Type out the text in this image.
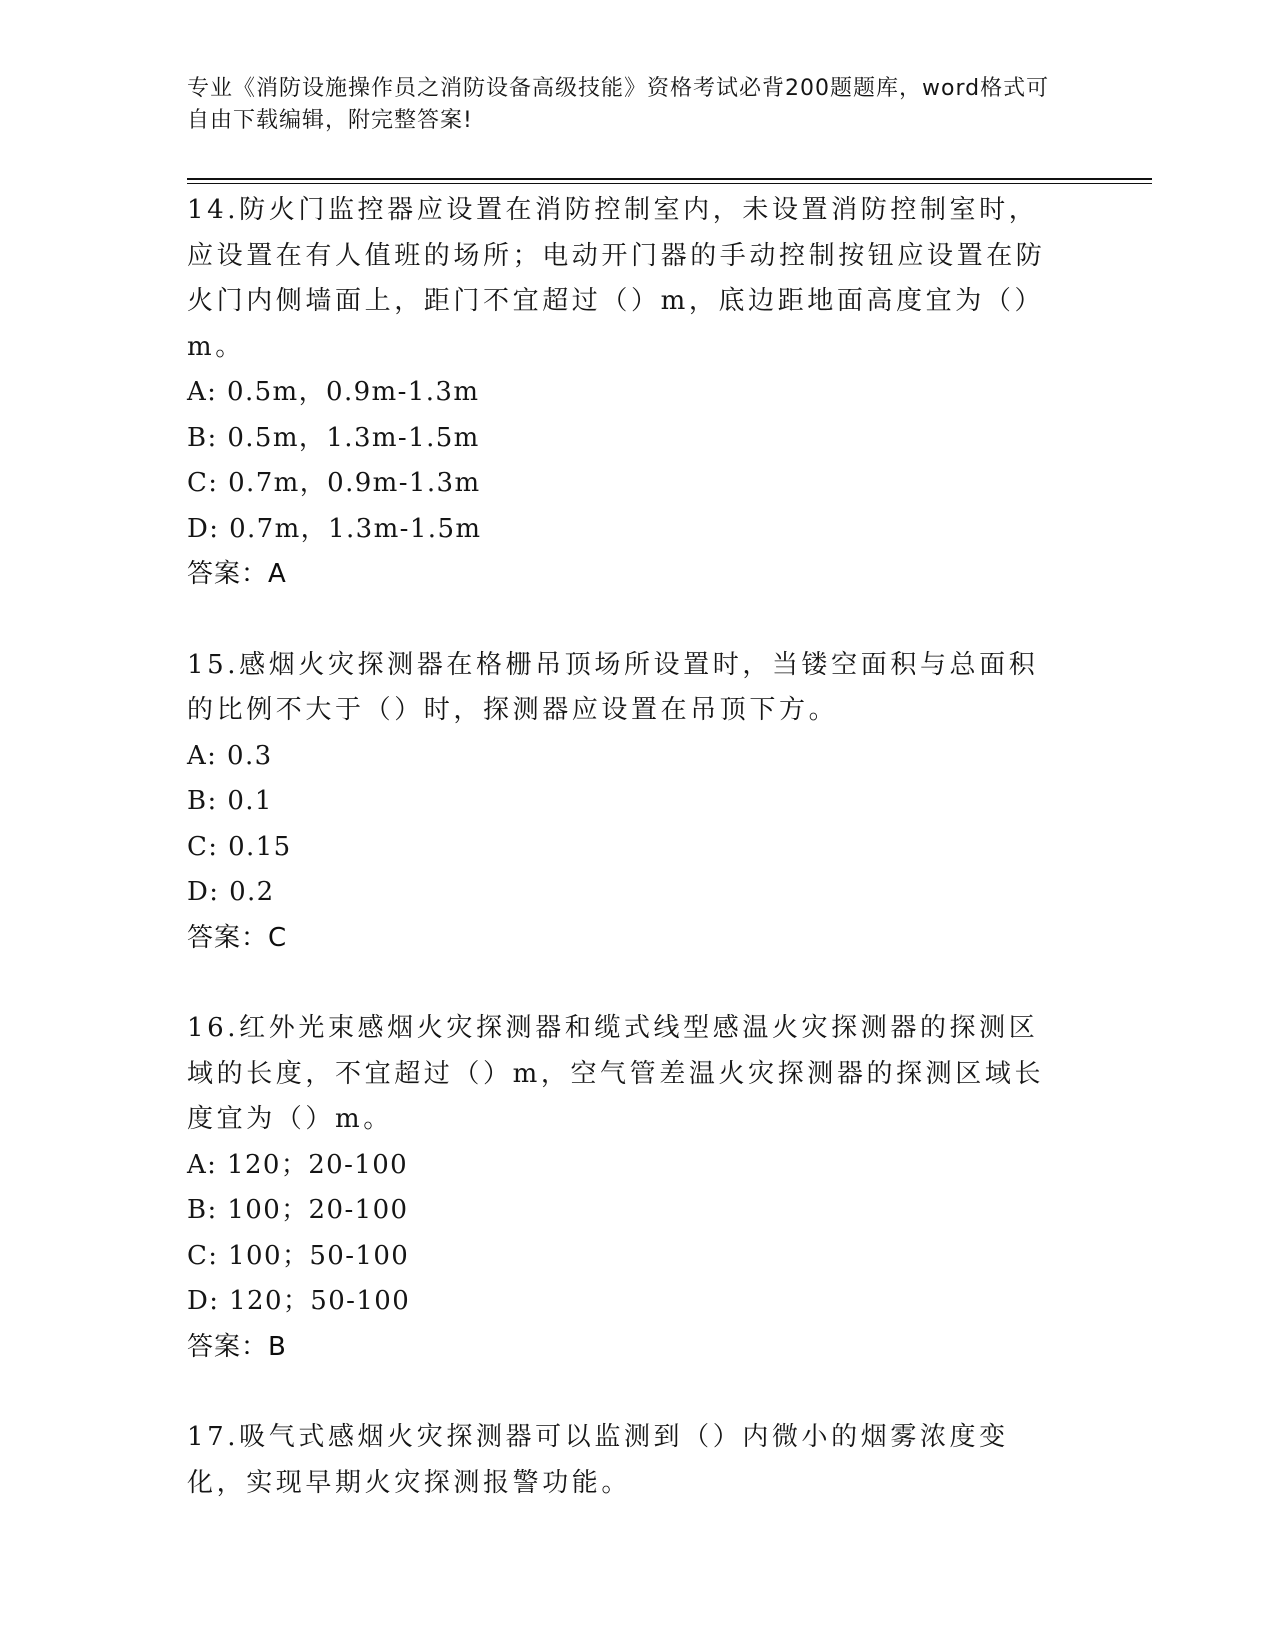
专业《消防设施操作员之消防设备高级技能》资格考试必背200题题库，word格式可自由下载编辑，附完整答案!

14.防火门监控器应设置在消防控制室内，未设置消防控制室时，应设置在有人值班的场所；电动开门器的手动控制按钮应设置在防火门内侧墙面上，距门不宜超过（）m，底边距地面高度宜为（）m。

A: 0.5m，0.9m-1.3m

B: 0.5m，1.3m-1.5m

C: 0.7m，0.9m-1.3m

D: 0.7m，1.3m-1.5m

答案：A

15.感烟火灾探测器在格栅吊顶场所设置时，当镂空面积与总面积的比例不大于（）时，探测器应设置在吊顶下方。

A: 0.3

B: 0.1

C: 0.15

D: 0.2

答案：C

16.红外光束感烟火灾探测器和缆式线型感温火灾探测器的探测区域的长度，不宜超过（）m，空气管差温火灾探测器的探测区域长度宜为（）m。

A: 120；20-100

B: 100；20-100

C: 100；50-100

D: 120；50-100

答案：B

17.吸气式感烟火灾探测器可以监测到（）内微小的烟雾浓度变化，实现早期火灾探测报警功能。
